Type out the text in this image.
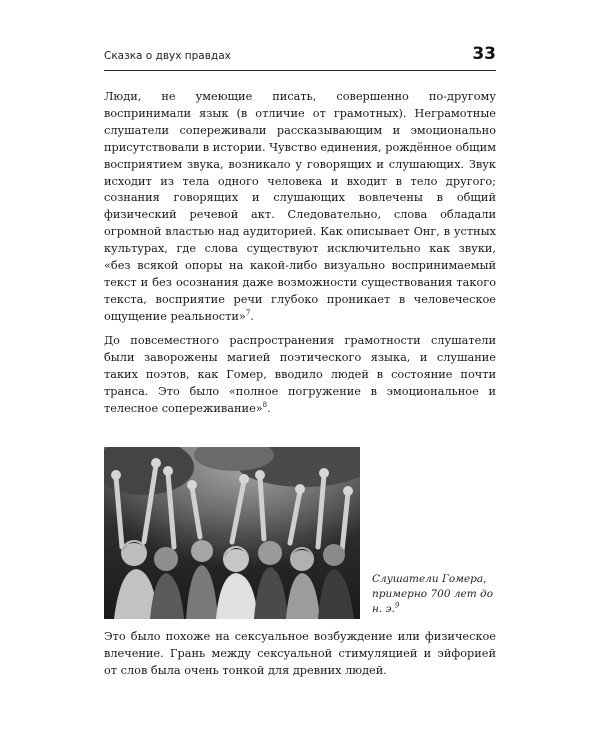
Сказка о двух правдах	33

Люди, не умеющие писать, совершенно по-другому воспринимали язык (в отличие от грамотных). Неграмотные слушатели сопереживали рассказывающим и эмоционально присутствовали в истории. Чувство единения, рождённое общим восприятием звука, возникало у говорящих и слушающих. Звук исходит из тела одного человека и входит в тело другого; сознания говорящих и слушающих вовлечены в общий физический речевой акт. Следовательно, слова обладали огромной властью над аудиторией. Как описывает Онг, в устных культурах, где слова существуют исключительно как звуки, «без всякой опоры на какой-либо визуально воспринимаемый текст и без осознания даже возможности существования такого текста, восприятие речи глубоко проникает в человеческое ощущение реальности»$^7$.

До повсеместного распространения грамотности слушатели были заворожены магией поэтического языка, и слушание таких поэтов, как Гомер, вводило людей в состояние почти транса. Это было «полное погружение в эмоциональное и телесное сопереживание»$^8$.

Слушатели Гомера, примерно 700 лет до н. э.$^9$

Это было похоже на сексуальное возбуждение или физическое влечение. Грань между сексуальной стимуляцией и эйфорией от слов была очень тонкой для древних людей.
